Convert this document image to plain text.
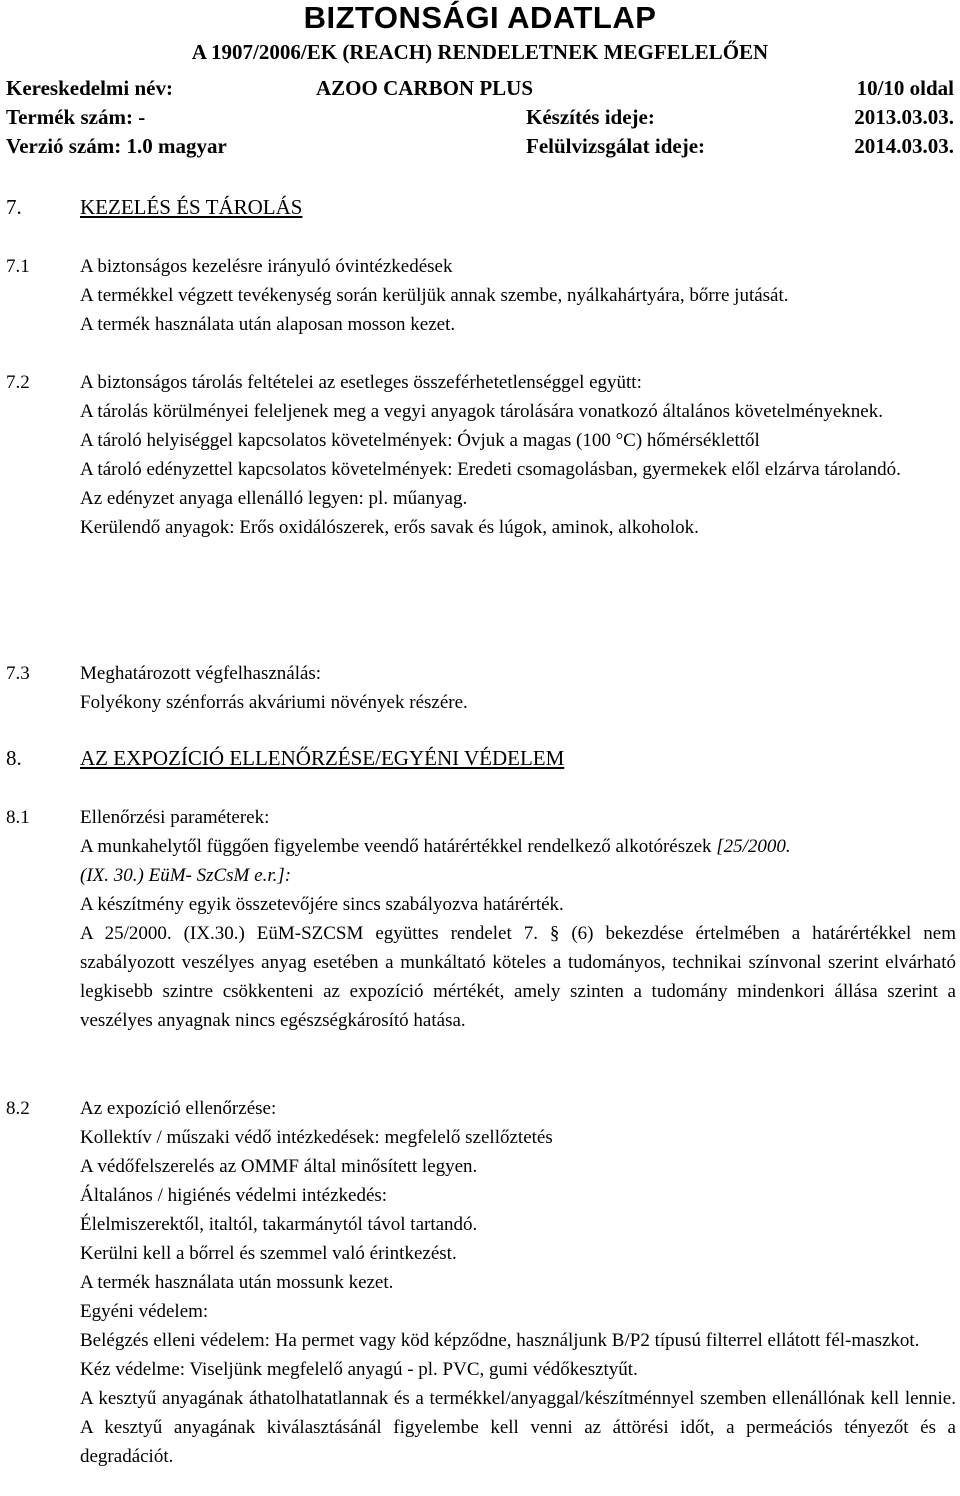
BIZTONSÁGI ADATLAP
A 1907/2006/EK (REACH) RENDELETNEK MEGFELELŐEN
Kereskedelmi név:	AZOO CARBON PLUS	10/10 oldal
Termék szám: -	Készítés ideje:	2013.03.03.
Verzió szám: 1.0 magyar	Felülvizsgálat ideje:	2014.03.03.
7.	KEZELÉS ÉS TÁROLÁS
7.1	A biztonságos kezelésre irányuló óvintézkedések

A termékkel végzett tevékenység során kerüljük annak szembe, nyálkahártyára, bőrre jutását.

A termék használata után alaposan mosson kezet.

7.2	A biztonságos tárolás feltételei az esetleges összeférhetetlenséggel együtt:

A tárolás körülményei feleljenek meg a vegyi anyagok tárolására vonatkozó általános követelményeknek.

A tároló helyiséggel kapcsolatos követelmények: Óvjuk a magas (100 °C) hőmérséklettől

A tároló edényzettel kapcsolatos követelmények: Eredeti csomagolásban, gyermekek elől elzárva tárolandó.

Az edényzet anyaga ellenálló legyen: pl. műanyag.

Kerülendő anyagok: Erős oxidálószerek, erős savak és lúgok, aminok, alkoholok.

7.3	Meghatározott végfelhasználás:

Folyékony szénforrás akváriumi növények részére.

8.	AZ EXPOZÍCIÓ ELLENŐRZÉSE/EGYÉNI VÉDELEM
8.1	Ellenőrzési paraméterek:

A munkahelytől függően figyelembe veendő határértékkel rendelkező alkotórészek [25/2000. (IX. 30.) EüM- SzCsM e.r.]:

A készítmény egyik összetevőjére sincs szabályozva határérték.

A 25/2000. (IX.30.) EüM-SZCSM együttes rendelet 7. § (6) bekezdése értelmében a határértékkel nem szabályozott veszélyes anyag esetében a munkáltató köteles a tudományos, technikai színvonal szerint elvárható legkisebb szintre csökkenteni az expozíció mértékét, amely szinten a tudomány mindenkori állása szerint a veszélyes anyagnak nincs egészségkárosító hatása.

8.2	Az expozíció ellenőrzése:

Kollektív / műszaki védő intézkedések: megfelelő szellőztetés

A védőfelszerelés az OMMF által minősített legyen.

Általános / higiénés védelmi intézkedés:

Élelmiszerektől, italtól, takarmánytól távol tartandó.

Kerülni kell a bőrrel és szemmel való érintkezést.

A termék használata után mossunk kezet.

Egyéni védelem:

Belégzés elleni védelem: Ha permet vagy köd képződne, használjunk B/P2 típusú filterrel ellátott fél-maszkot.

Kéz védelme: Viseljünk megfelelő anyagú - pl. PVC, gumi védőkesztyűt.

A kesztyű anyagának áthatolhatatlannak és a termékkel/anyaggal/készítménnyel szemben ellenállónak kell lennie. A kesztyű anyagának kiválasztásánál figyelembe kell venni az áttörési időt, a permeációs tényezőt és a degradációt.
